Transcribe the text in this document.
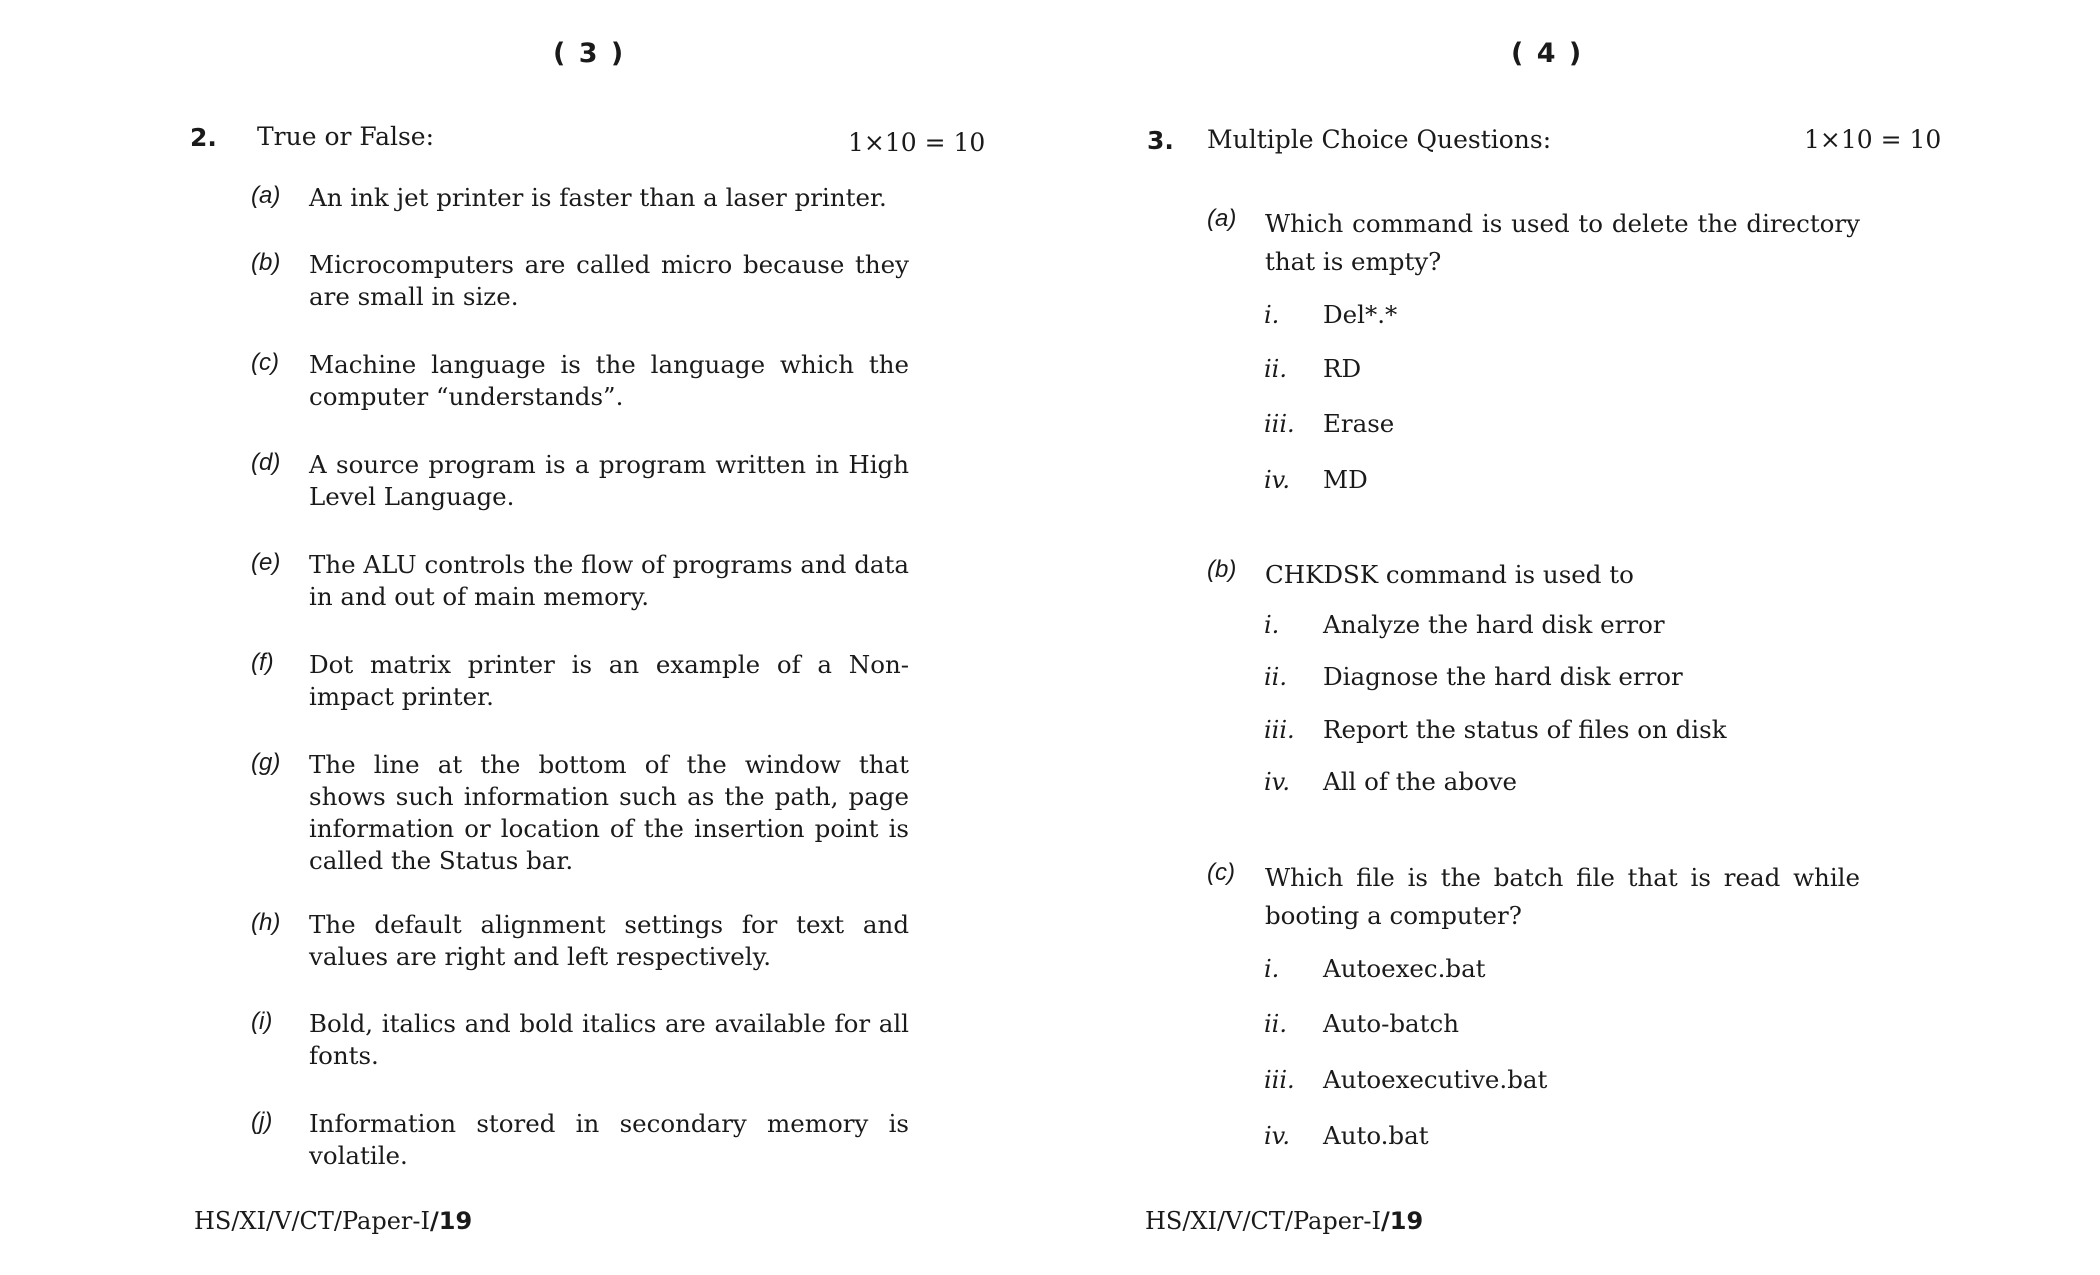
( 3 )
2. True or False:	1×10 = 10
(a) An ink jet printer is faster than a laser printer.
(b) Microcomputers are called micro because they are small in size.
(c) Machine language is the language which the computer “understands”.
(d) A source program is a program written in High Level Language.
(e) The ALU controls the flow of programs and data in and out of main memory.
(f) Dot matrix printer is an example of a Non-impact printer.
(g) The line at the bottom of the window that shows such information such as the path, page information or location of the insertion point is called the Status bar.
(h) The default alignment settings for text and values are right and left respectively.
(i) Bold, italics and bold italics are available for all fonts.
(j) Information stored in secondary memory is volatile.
HS/XI/V/CT/Paper-I/19
( 4 )
3. Multiple Choice Questions:	1×10 = 10
(a) Which command is used to delete the directory that is empty?
i. Del*.*
ii. RD
iii. Erase
iv. MD
(b) CHKDSK command is used to
i. Analyze the hard disk error
ii. Diagnose the hard disk error
iii. Report the status of files on disk
iv. All of the above
(c) Which file is the batch file that is read while booting a computer?
i. Autoexec.bat
ii. Auto-batch
iii. Autoexecutive.bat
iv. Auto.bat
HS/XI/V/CT/Paper-I/19
